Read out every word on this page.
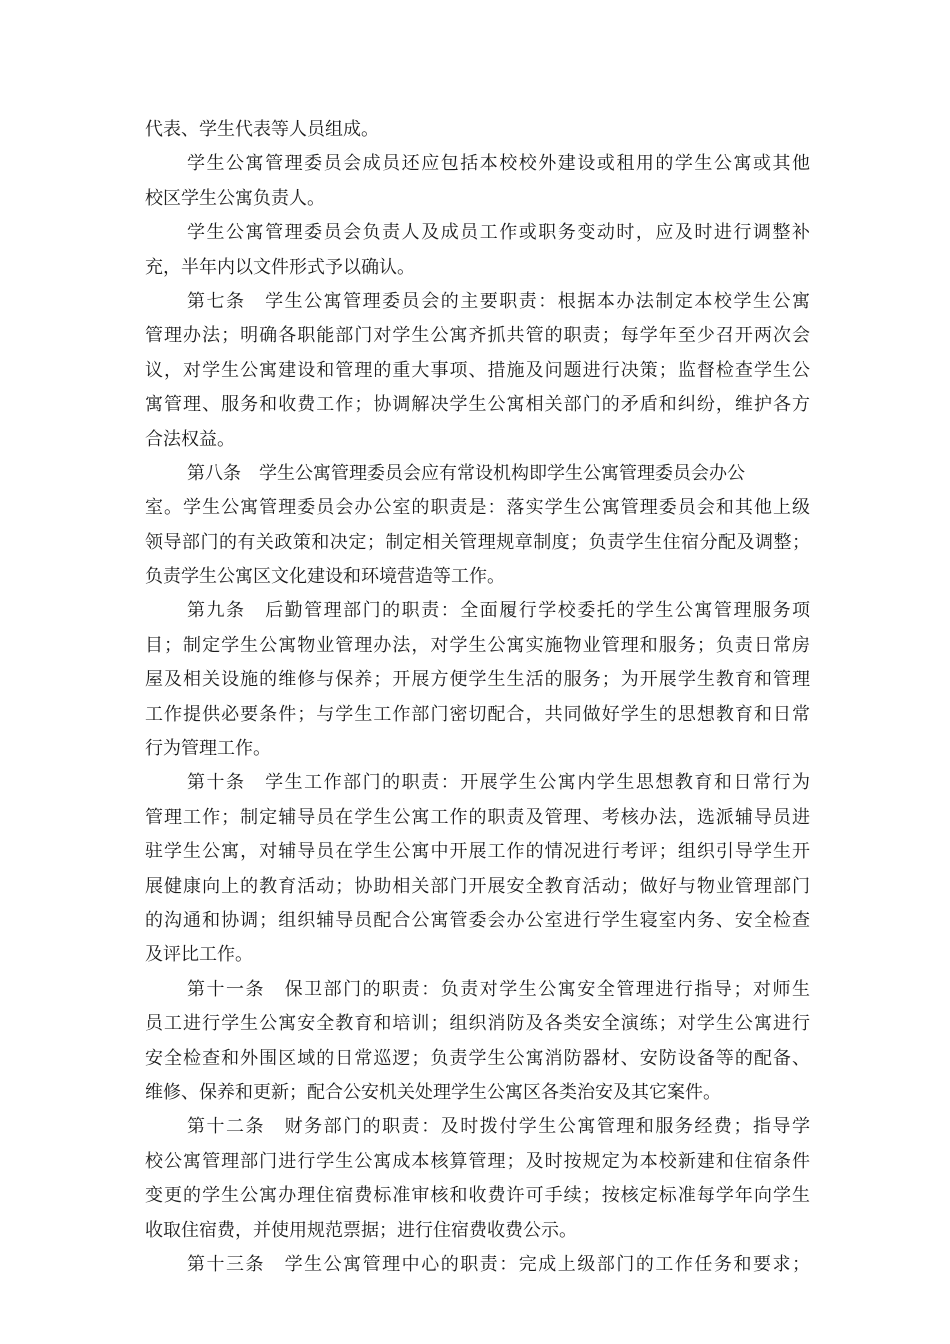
代表、学生代表等人员组成。
学生公寓管理委员会成员还应包括本校校外建设或租用的学生公寓或其他
校区学生公寓负责人。
学生公寓管理委员会负责人及成员工作或职务变动时，应及时进行调整补
充，半年内以文件形式予以确认。
第七条　学生公寓管理委员会的主要职责：根据本办法制定本校学生公寓
管理办法；明确各职能部门对学生公寓齐抓共管的职责；每学年至少召开两次会
议，对学生公寓建设和管理的重大事项、措施及问题进行决策；监督检查学生公
寓管理、服务和收费工作；协调解决学生公寓相关部门的矛盾和纠纷，维护各方
合法权益。
第八条　学生公寓管理委员会应有常设机构即学生公寓管理委员会办公
室。学生公寓管理委员会办公室的职责是：落实学生公寓管理委员会和其他上级
领导部门的有关政策和决定；制定相关管理规章制度；负责学生住宿分配及调整；
负责学生公寓区文化建设和环境营造等工作。
第九条　后勤管理部门的职责：全面履行学校委托的学生公寓管理服务项
目；制定学生公寓物业管理办法，对学生公寓实施物业管理和服务；负责日常房
屋及相关设施的维修与保养；开展方便学生生活的服务；为开展学生教育和管理
工作提供必要条件；与学生工作部门密切配合，共同做好学生的思想教育和日常
行为管理工作。
第十条　学生工作部门的职责：开展学生公寓内学生思想教育和日常行为
管理工作；制定辅导员在学生公寓工作的职责及管理、考核办法，选派辅导员进
驻学生公寓，对辅导员在学生公寓中开展工作的情况进行考评；组织引导学生开
展健康向上的教育活动；协助相关部门开展安全教育活动；做好与物业管理部门
的沟通和协调；组织辅导员配合公寓管委会办公室进行学生寝室内务、安全检查
及评比工作。
第十一条　保卫部门的职责：负责对学生公寓安全管理进行指导；对师生
员工进行学生公寓安全教育和培训；组织消防及各类安全演练；对学生公寓进行
安全检查和外围区域的日常巡逻；负责学生公寓消防器材、安防设备等的配备、
维修、保养和更新；配合公安机关处理学生公寓区各类治安及其它案件。
第十二条　财务部门的职责：及时拨付学生公寓管理和服务经费；指导学
校公寓管理部门进行学生公寓成本核算管理；及时按规定为本校新建和住宿条件
变更的学生公寓办理住宿费标准审核和收费许可手续；按核定标准每学年向学生
收取住宿费，并使用规范票据；进行住宿费收费公示。
第十三条　学生公寓管理中心的职责：完成上级部门的工作任务和要求；
